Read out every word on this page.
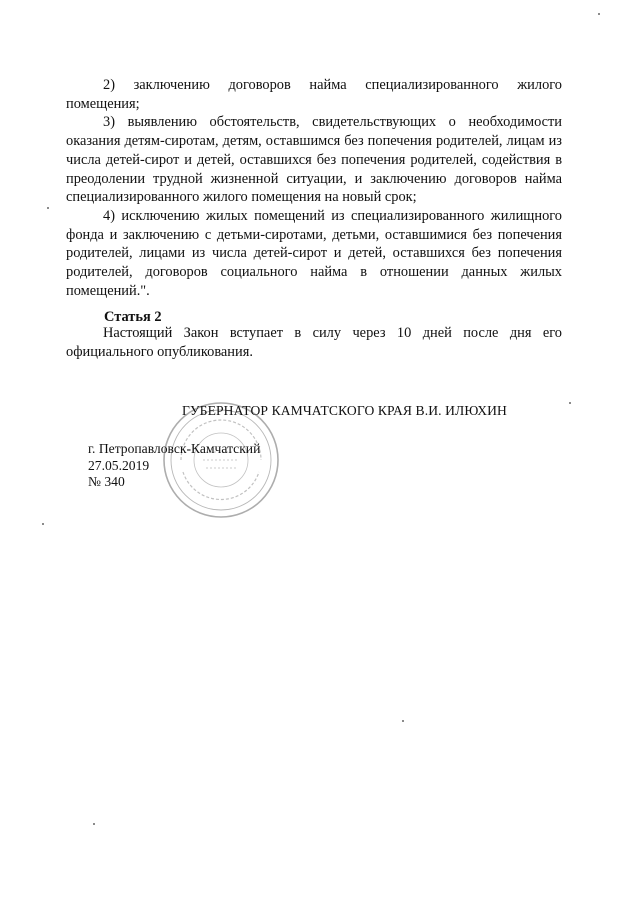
2) заключению договоров найма специализированного жилого помещения;

3) выявлению обстоятельств, свидетельствующих о необходимости оказания детям-сиротам, детям, оставшимся без попечения родителей, лицам из числа детей-сирот и детей, оставшихся без попечения родителей, содействия в преодолении трудной жизненной ситуации, и заключению договоров найма специализированного жилого помещения на новый срок;

4) исключению жилых помещений из специализированного жилищного фонда и заключению с детьми-сиротами, детьми, оставшимися без попечения родителей, лицами из числа детей-сирот и детей, оставшихся без попечения родителей, договоров социального найма в отношении данных жилых помещений.".

Статья 2

Настоящий Закон вступает в силу через 10 дней после дня его официального опубликования.

ГУБЕРНАТОР КАМЧАТСКОГО КРАЯ В.И. ИЛЮХИН
г. Петропавловск-Камчатский
27.05.2019
№ 340
